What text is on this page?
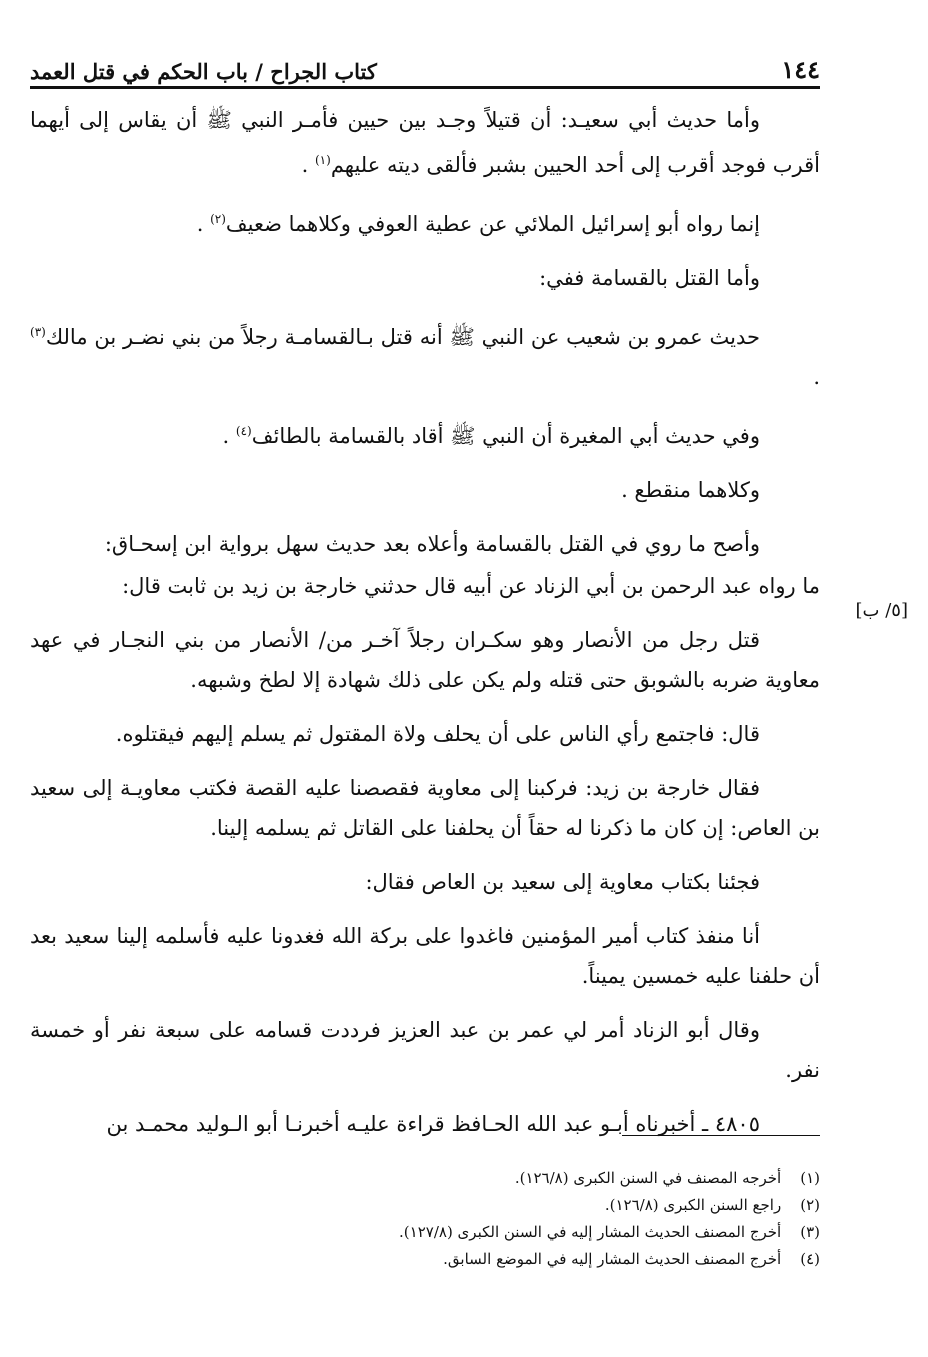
١٤٤
كتاب الجراح / باب الحكم في قتل العمد
[٥/ ب]

وأما حديث أبي سعيـد: أن قتيلاً وجـد بين حيين فأمـر النبي ﷺ أن يقاس إلى أيهما أقرب فوجد أقرب إلى أحد الحيين بشبر فألقى ديته عليهم$^{(١)}$ .

إنما رواه أبو إسرائيل الملائي عن عطية العوفي وكلاهما ضعيف$^{(٢)}$ .

وأما القتل بالقسامة ففي:

حديث عمرو بن شعيب عن النبي ﷺ أنه قتل بـالقسامـة رجلاً من بني نضـر بن مالك$^{(٣)}$ .

وفي حديث أبي المغيرة أن النبي ﷺ أقاد بالقسامة بالطائف$^{(٤)}$ .

وكلاهما منقطع .

وأصح ما روي في القتل بالقسامة وأعلاه بعد حديث سهل برواية ابن إسحـاق:

ما رواه عبد الرحمن بن أبي الزناد عن أبيه قال حدثني خارجة بن زيد بن ثابت قال:

قتل رجل من الأنصار وهو سكـران رجلاً آخـر من/ الأنصار من بني النجـار في عهد معاوية ضربه بالشوبق حتى قتله ولم يكن على ذلك شهادة إلا لطخ وشبهه.

قال: فاجتمع رأي الناس على أن يحلف ولاة المقتول ثم يسلم إليهم فيقتلوه.

فقال خارجة بن زيد: فركبنا إلى معاوية فقصصنا عليه القصة فكتب معاويـة إلى سعيد بن العاص: إن كان ما ذكرنا له حقاً أن يحلفنا على القاتل ثم يسلمه إلينا.

فجئنا بكتاب معاوية إلى سعيد بن العاص فقال:

أنا منفذ كتاب أمير المؤمنين فاغدوا على بركة الله فغدونا عليه فأسلمه إلينا سعيد بعد أن حلفنا عليه خمسين يميناً.

وقال أبو الزناد أمر لي عمر بن عبد العزيز فرددت قسامه على سبعة نفر أو خمسة نفر.

٤٨٠٥ ـ أخبرناه أبـو عبد الله الحـافظ قراءة عليـه أخبرنـا أبو الـوليد محمـد بن

(١) أخرجه المصنف في السنن الكبرى (١٢٦/٨).
(٢) راجع السنن الكبرى (١٢٦/٨).
(٣) أخرج المصنف الحديث المشار إليه في السنن الكبرى (١٢٧/٨).
(٤) أخرج المصنف الحديث المشار إليه في الموضع السابق.
